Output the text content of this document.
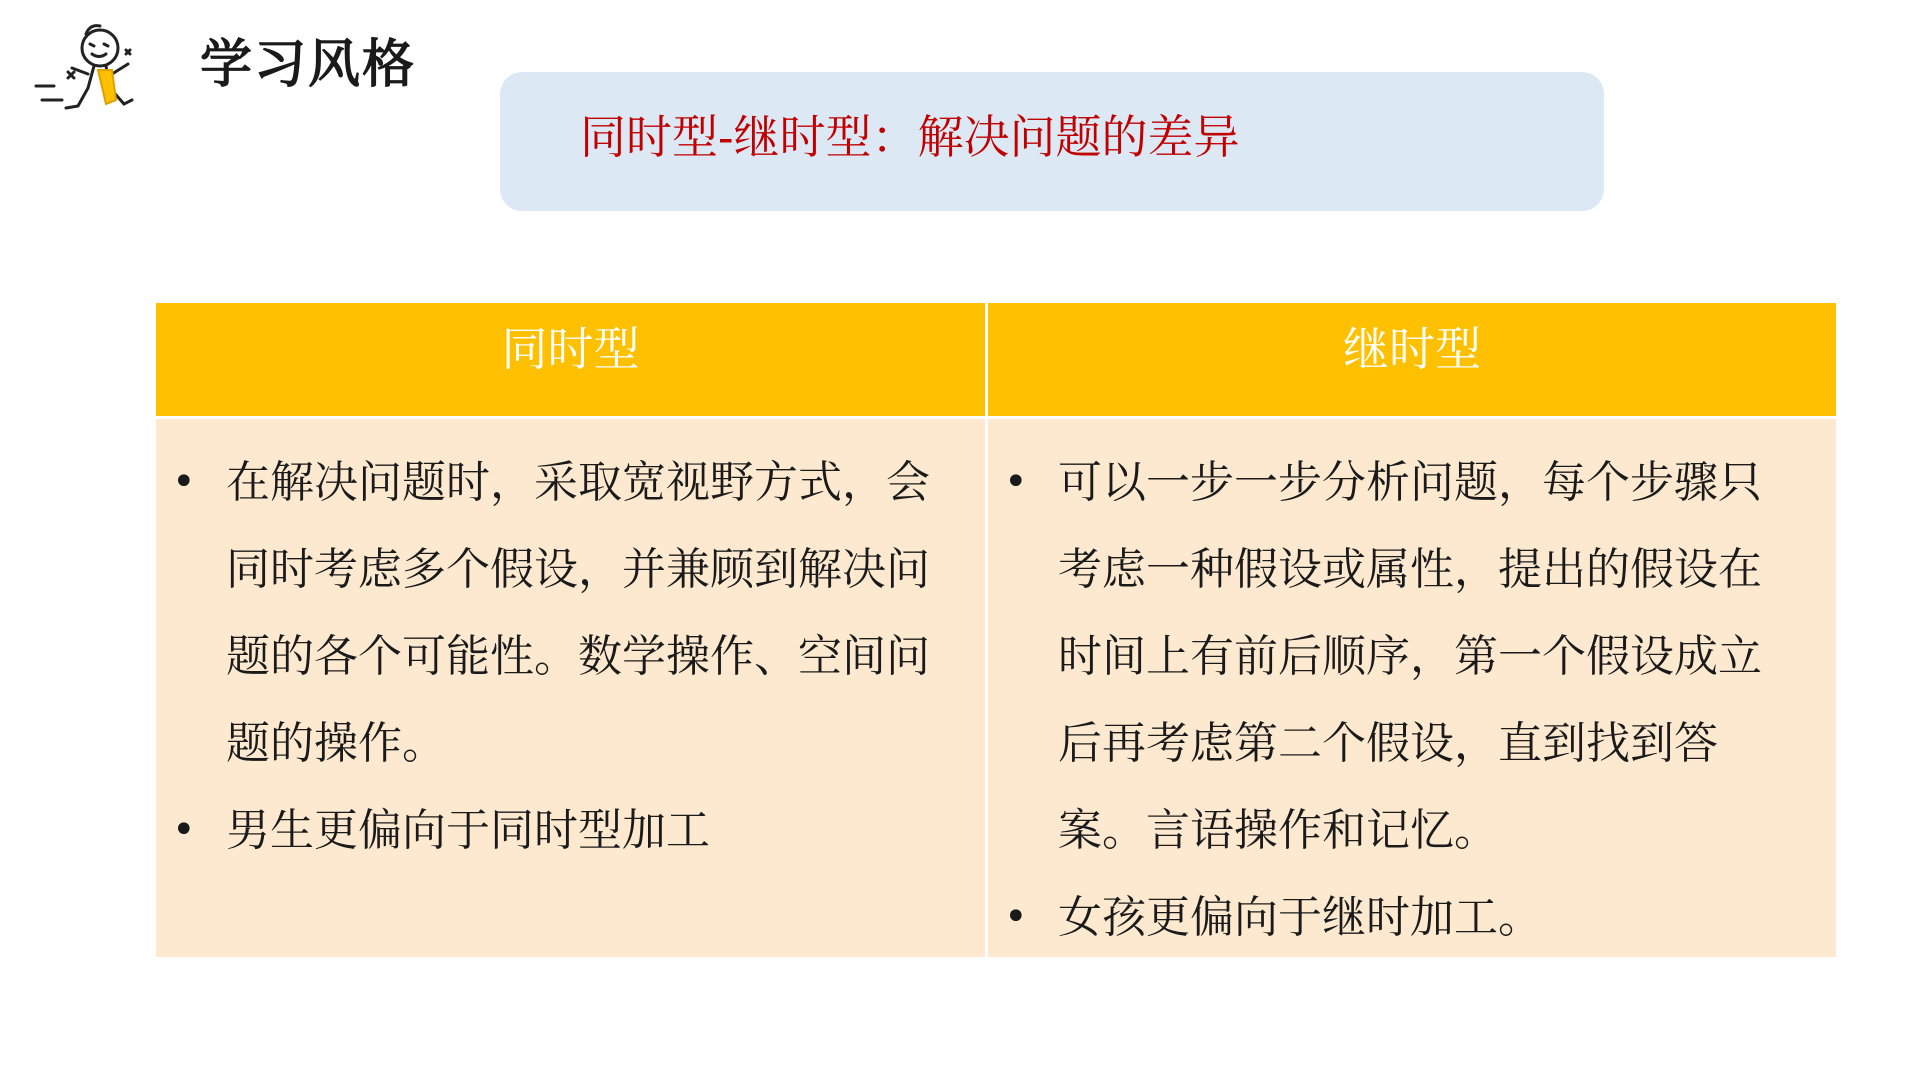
学习风格
同时型-继时型：解决问题的差异
同时型	继时型
• 在解决问题时，采取宽视野方式，会同时考虑多个假设，并兼顾到解决问题的各个可能性。数学操作、空间问题的操作。
• 男生更偏向于同时型加工
• 可以一步一步分析问题，每个步骤只考虑一种假设或属性，提出的假设在时间上有前后顺序，第一个假设成立后再考虑第二个假设，直到找到答案。言语操作和记忆。
• 女孩更偏向于继时加工。
